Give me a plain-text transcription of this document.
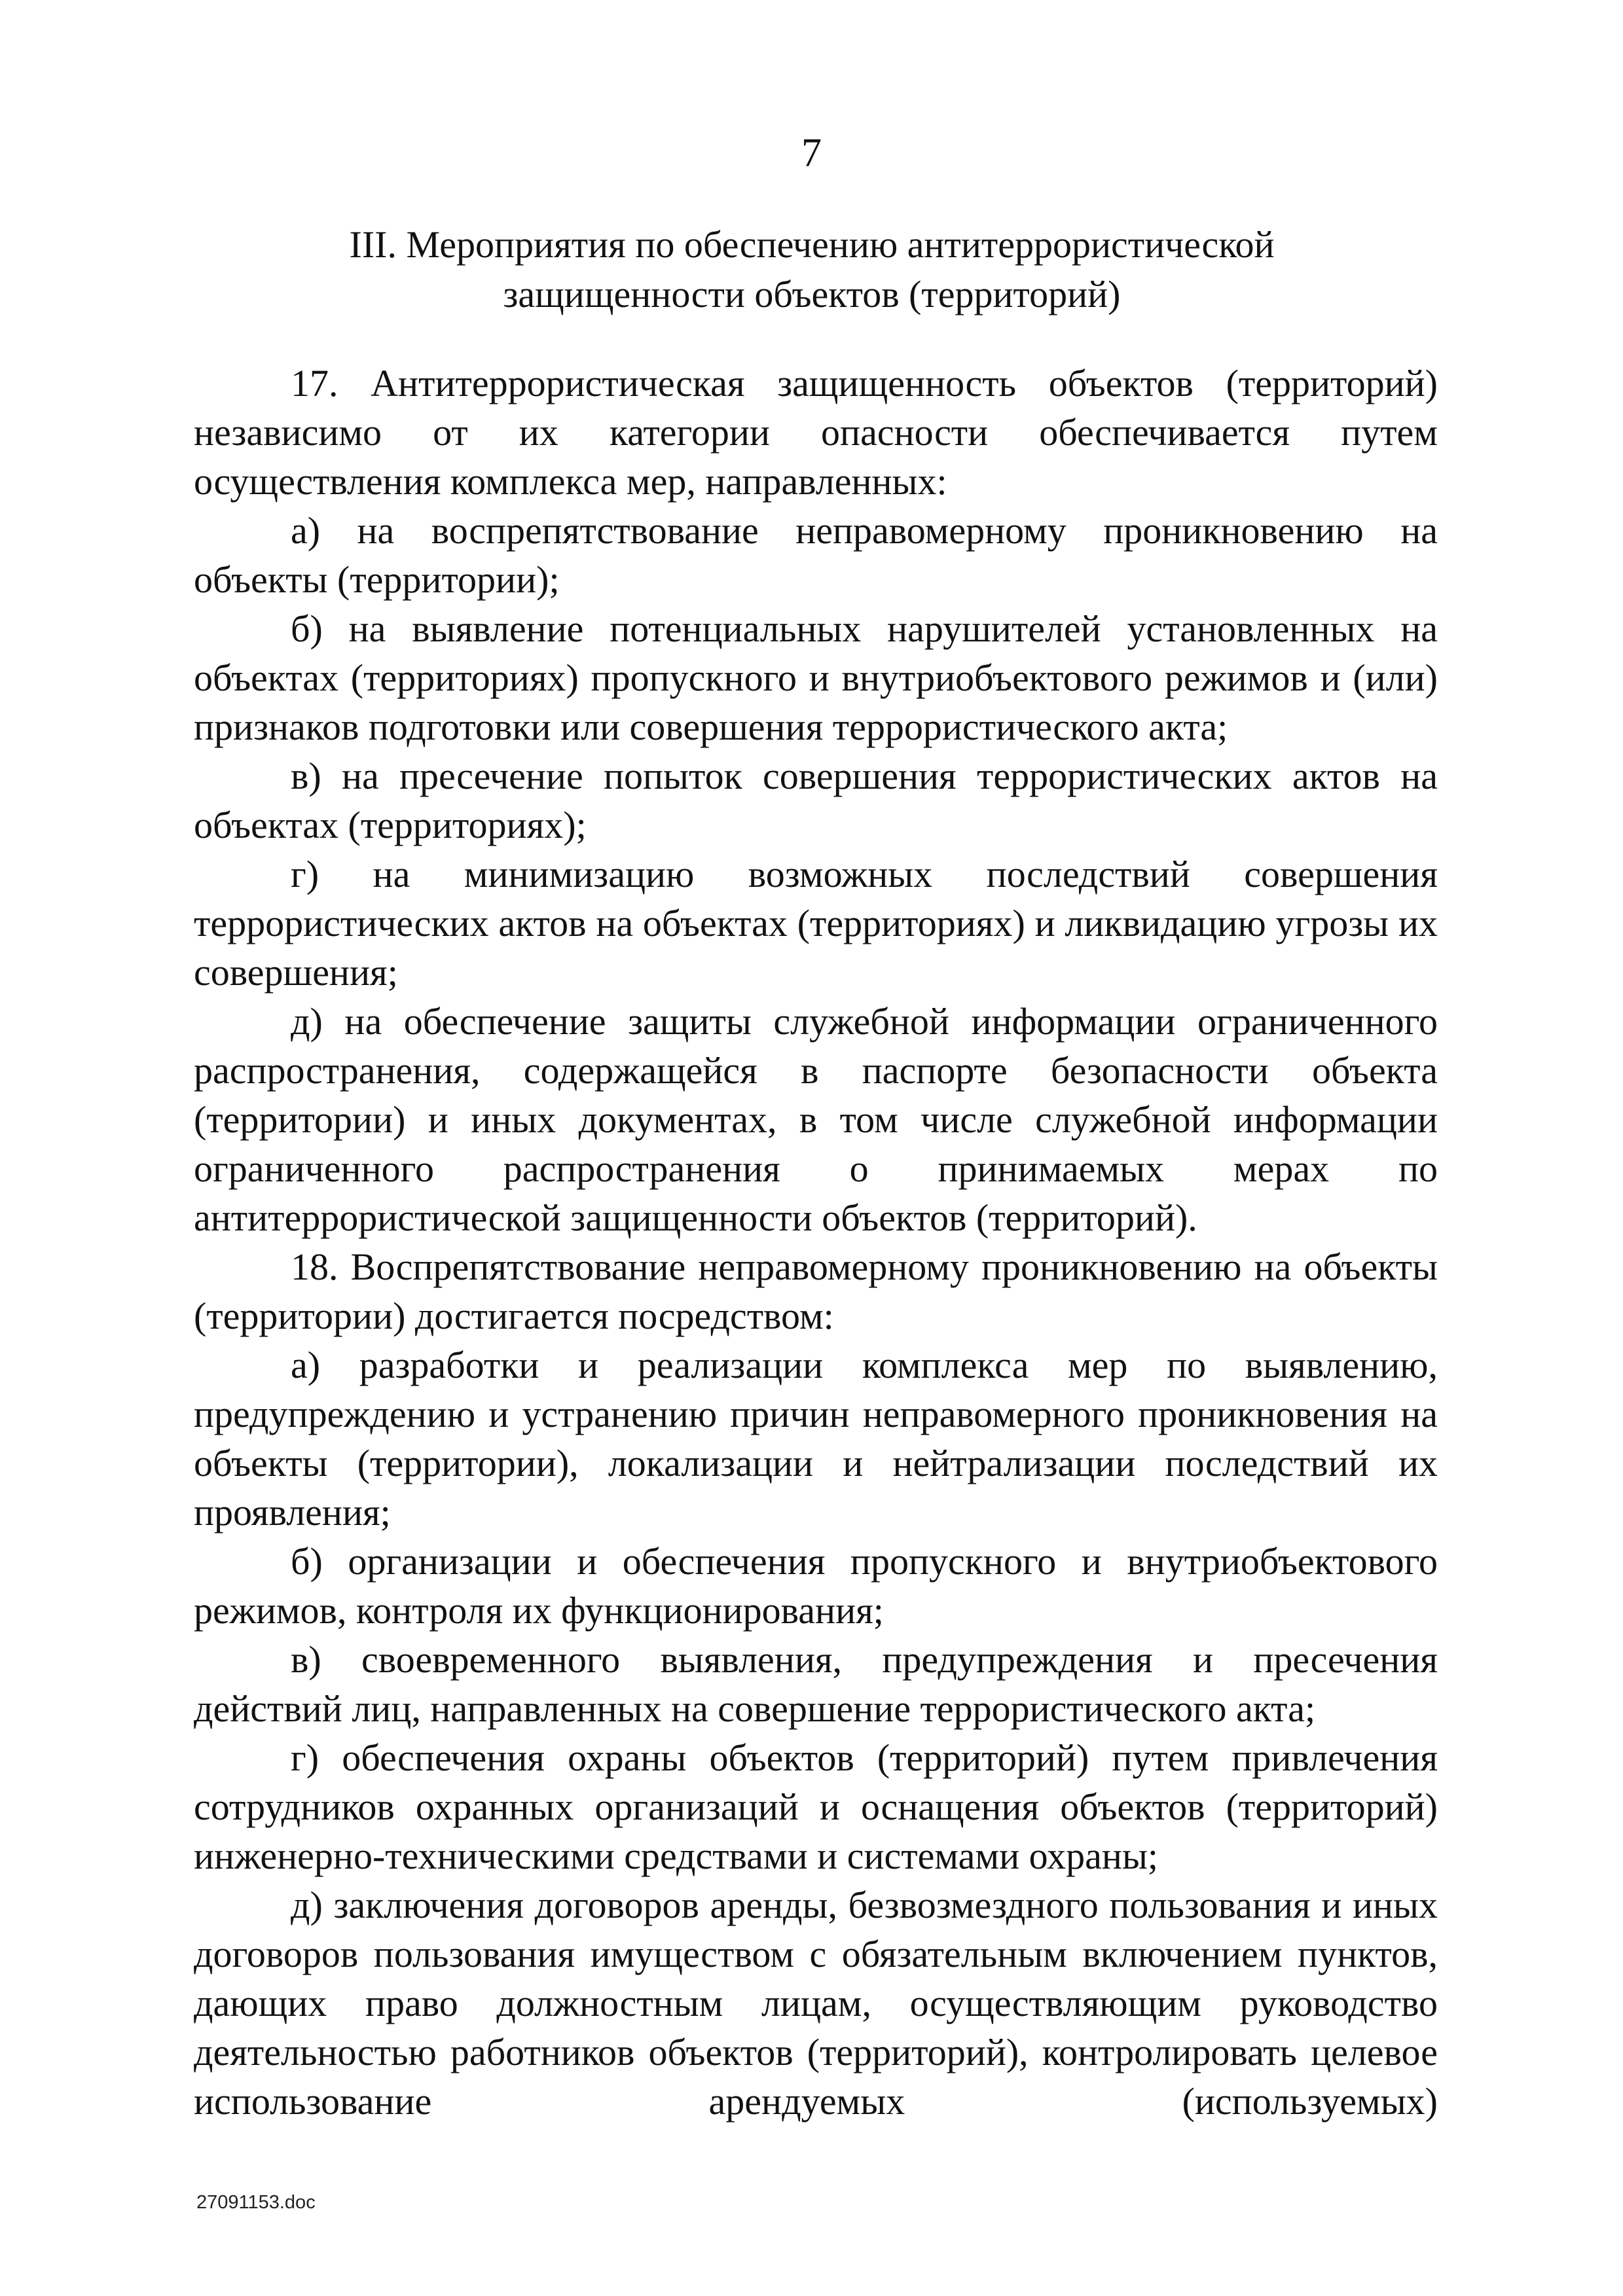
7
III. Мероприятия по обеспечению антитеррористической
защищенности объектов (территорий)

17. Антитеррористическая защищенность объектов (территорий) независимо от их категории опасности обеспечивается путем осуществления комплекса мер, направленных:

а) на воспрепятствование неправомерному проникновению на объекты (территории);

б) на выявление потенциальных нарушителей установленных на объектах (территориях) пропускного и внутриобъектового режимов и (или) признаков подготовки или совершения террористического акта;

в) на пресечение попыток совершения террористических актов на объектах (территориях);

г) на минимизацию возможных последствий совершения террористических актов на объектах (территориях) и ликвидацию угрозы их совершения;

д) на обеспечение защиты служебной информации ограниченного распространения, содержащейся в паспорте безопасности объекта (территории) и иных документах, в том числе служебной информации ограниченного распространения о принимаемых мерах по антитеррористической защищенности объектов (территорий).

18. Воспрепятствование неправомерному проникновению на объекты (территории) достигается посредством:

а) разработки и реализации комплекса мер по выявлению, предупреждению и устранению причин неправомерного проникновения на объекты (территории), локализации и нейтрализации последствий их проявления;

б) организации и обеспечения пропускного и внутриобъектового режимов, контроля их функционирования;

в) своевременного выявления, предупреждения и пресечения действий лиц, направленных на совершение террористического акта;

г) обеспечения охраны объектов (территорий) путем привлечения сотрудников охранных организаций и оснащения объектов (территорий) инженерно-техническими средствами и системами охраны;

д) заключения договоров аренды, безвозмездного пользования и иных договоров пользования имуществом с обязательным включением пунктов, дающих право должностным лицам, осуществляющим руководство деятельностью работников объектов (территорий), контролировать целевое использование арендуемых (используемых)

27091153.doc
